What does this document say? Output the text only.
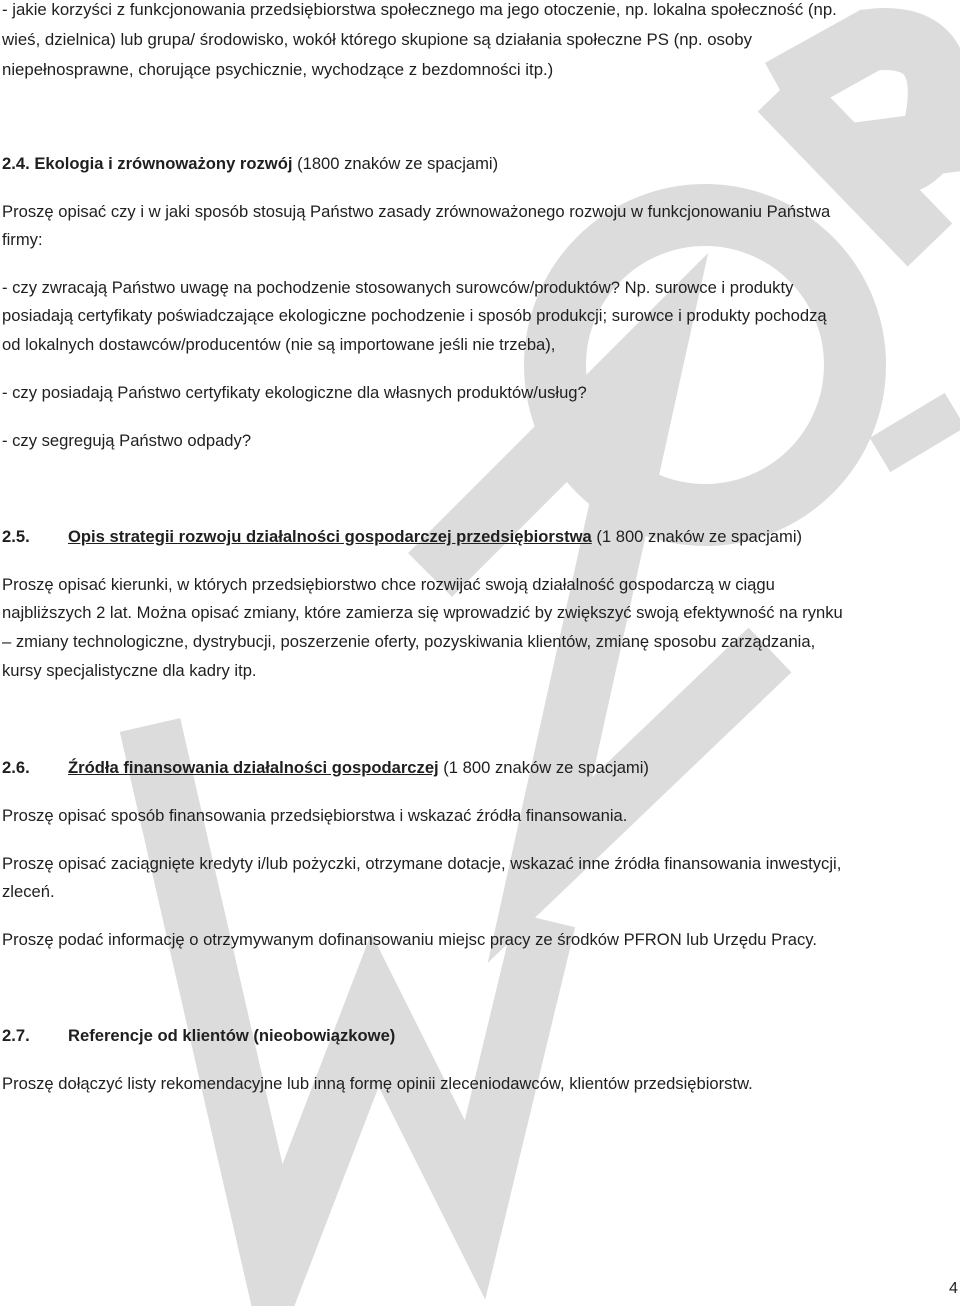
- jakie korzyści z funkcjonowania przedsiębiorstwa społecznego ma jego otoczenie, np. lokalna społeczność (np.
wieś, dzielnica) lub grupa/ środowisko, wokół którego skupione są działania społeczne PS (np. osoby
niepełnosprawne, chorujące psychicznie, wychodzące z bezdomności itp.)
2.4. Ekologia i zrównoważony rozwój (1800 znaków ze spacjami)
Proszę opisać czy i w jaki sposób stosują Państwo zasady zrównoważonego rozwoju w funkcjonowaniu Państwa
firmy:
- czy zwracają Państwo uwagę na pochodzenie stosowanych surowców/produktów? Np. surowce i produkty
posiadają certyfikaty poświadczające ekologiczne pochodzenie i sposób produkcji; surowce i produkty pochodzą
od lokalnych dostawców/producentów (nie są importowane jeśli nie trzeba),
- czy posiadają Państwo certyfikaty ekologiczne dla własnych produktów/usług?
- czy segregują Państwo odpady?
2.5. Opis strategii rozwoju działalności gospodarczej przedsiębiorstwa (1 800 znaków ze spacjami)
Proszę opisać kierunki, w których przedsiębiorstwo chce rozwijać swoją działalność gospodarczą w ciągu
najbliższych 2 lat. Można opisać zmiany, które zamierza się wprowadzić by zwiększyć swoją efektywność na rynku
– zmiany technologiczne, dystrybucji, poszerzenie oferty, pozyskiwania klientów, zmianę sposobu zarządzania,
kursy specjalistyczne dla kadry itp.
2.6. Źródła finansowania działalności gospodarczej (1 800 znaków ze spacjami)
Proszę opisać sposób finansowania przedsiębiorstwa i wskazać źródła finansowania.
Proszę opisać zaciągnięte kredyty i/lub pożyczki, otrzymane dotacje, wskazać inne źródła finansowania inwestycji,
zleceń.
Proszę podać informację o otrzymywanym dofinansowaniu miejsc pracy ze środków PFRON lub Urzędu Pracy.
2.7. Referencje od klientów (nieobowiązkowe)
Proszę dołączyć listy rekomendacyjne lub inną formę opinii zleceniodawców, klientów przedsiębiorstw.
4
